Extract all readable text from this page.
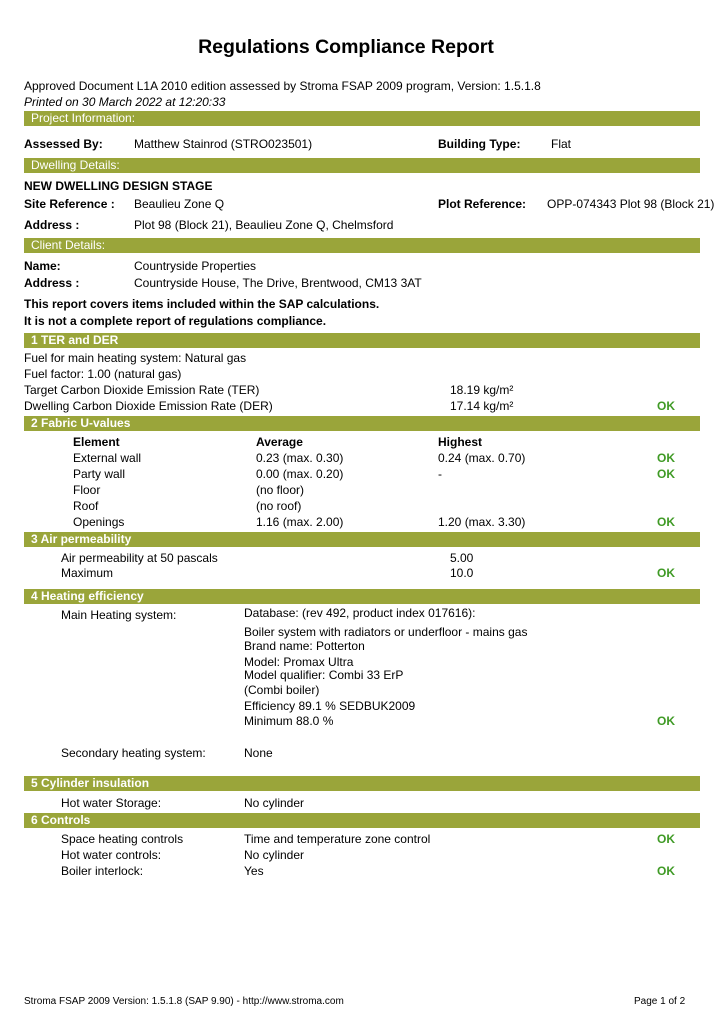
Regulations Compliance Report
Approved Document L1A 2010 edition assessed by Stroma FSAP 2009 program, Version: 1.5.1.8
Printed on 30 March 2022 at 12:20:33
Project Information:
Assessed By:	Matthew Stainrod (STRO023501)	Building Type:	Flat
Dwelling Details:
NEW DWELLING DESIGN STAGE
Site Reference : Beaulieu Zone Q	Plot Reference: OPP-074343 Plot 98 (Block 21)
Address :	Plot 98 (Block 21), Beaulieu Zone Q, Chelmsford
Client Details:
Name:	Countryside Properties
Address :	Countryside House, The Drive, Brentwood, CM13 3AT
This report covers items included within the SAP calculations.
It is not a complete report of regulations compliance.
1 TER and DER
Fuel for main heating system: Natural gas
Fuel factor: 1.00 (natural gas)
Target Carbon Dioxide Emission Rate (TER)	18.19 kg/m²
Dwelling Carbon Dioxide Emission Rate (DER)	17.14 kg/m²	OK
2 Fabric U-values
Element	Average	Highest
External wall	0.23 (max. 0.30)	0.24 (max. 0.70)	OK
Party wall	0.00 (max. 0.20)	-	OK
Floor	(no floor)
Roof	(no roof)
Openings	1.16 (max. 2.00)	1.20 (max. 3.30)	OK
3 Air permeability
Air permeability at 50 pascals	5.00
Maximum	10.0	OK
4 Heating efficiency
Main Heating system:	Database: (rev 492, product index 017616):
Boiler system with radiators or underfloor - mains gas
Brand name: Potterton
Model: Promax Ultra
Model qualifier: Combi 33 ErP
(Combi boiler)
Efficiency 89.1 % SEDBUK2009
Minimum 88.0 %	OK
Secondary heating system:	None
5 Cylinder insulation
Hot water Storage:	No cylinder
6 Controls
Space heating controls	Time and temperature zone control	OK
Hot water controls:	No cylinder
Boiler interlock:	Yes	OK
Stroma FSAP 2009 Version: 1.5.1.8 (SAP 9.90) - http://www.stroma.com	Page 1 of 2
